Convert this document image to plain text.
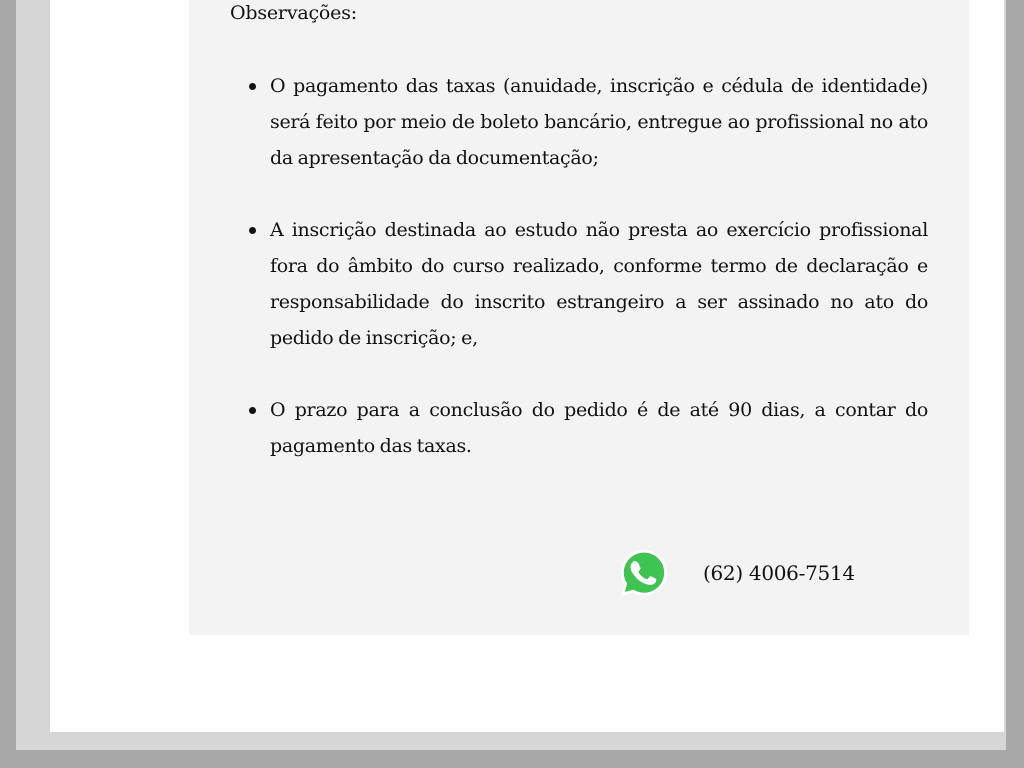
Observações:
O pagamento das taxas (anuidade, inscrição e cédula de identidade) será feito por meio de boleto bancário, entregue ao profissional no ato da apresentação da documentação;
A inscrição destinada ao estudo não presta ao exercício profissional fora do âmbito do curso realizado, conforme termo de declaração e responsabilidade do inscrito estrangeiro a ser assinado no ato do pedido de inscrição; e,
O prazo para a conclusão do pedido é de até 90 dias, a contar do pagamento das taxas.
(62) 4006-7514
